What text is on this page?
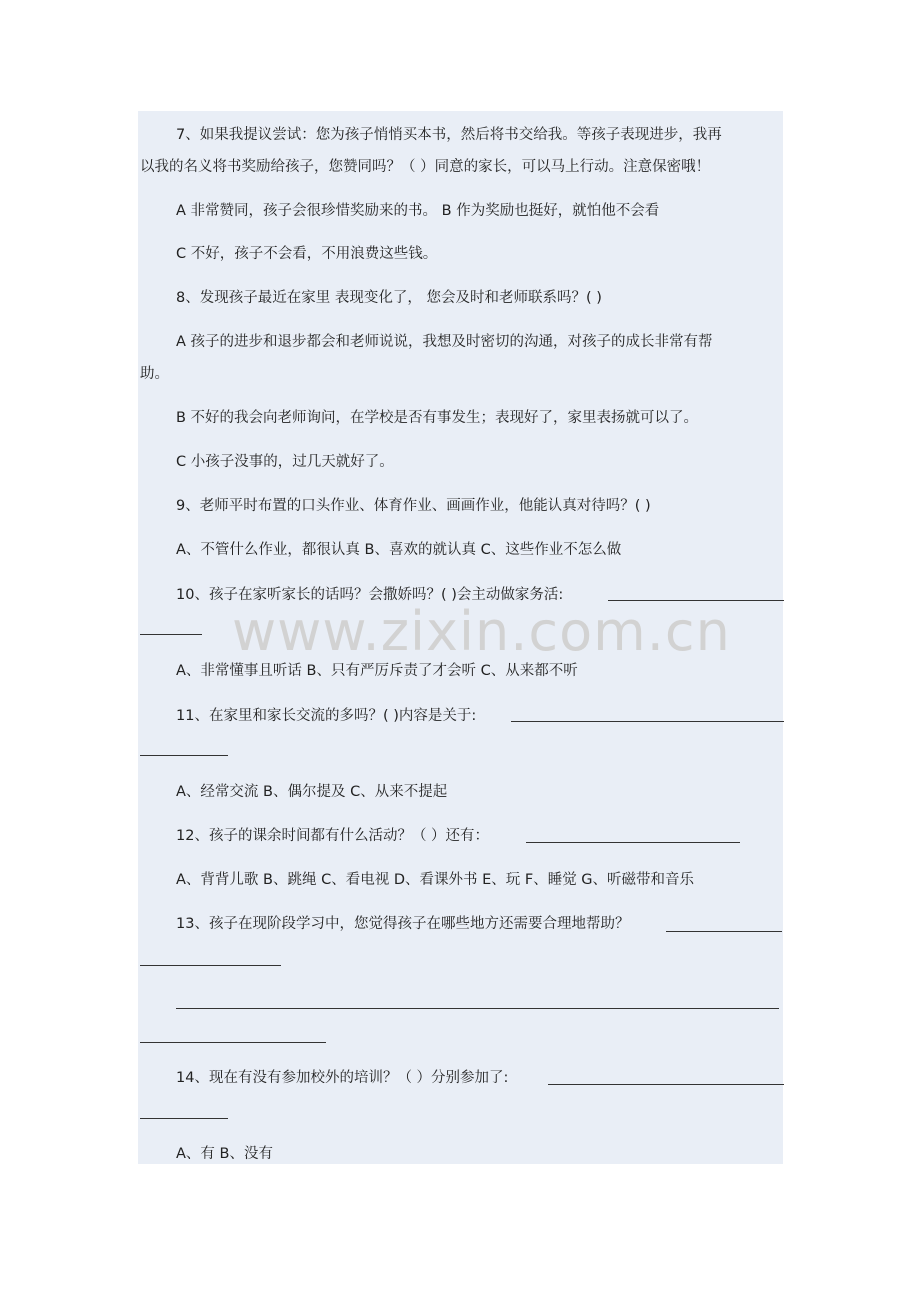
7、如果我提议尝试：您为孩子悄悄买本书，然后将书交给我。等孩子表现进步，我再
以我的名义将书奖励给孩子，您赞同吗？（ ）同意的家长，可以马上行动。注意保密哦！
A 非常赞同，孩子会很珍惜奖励来的书。 B 作为奖励也挺好，就怕他不会看
C 不好，孩子不会看，不用浪费这些钱。
8、发现孩子最近在家里 表现变化了， 您会及时和老师联系吗？( )
A 孩子的进步和退步都会和老师说说，我想及时密切的沟通，对孩子的成长非常有帮
助。
B 不好的我会向老师询问，在学校是否有事发生；表现好了，家里表扬就可以了。
C 小孩子没事的，过几天就好了。
9、老师平时布置的口头作业、体育作业、画画作业，他能认真对待吗？( )
A、不管什么作业，都很认真 B、喜欢的就认真 C、这些作业不怎么做
10、孩子在家听家长的话吗？会撒娇吗？( )会主动做家务活:
A、非常懂事且听话 B、只有严厉斥责了才会听 C、从来都不听
11、在家里和家长交流的多吗？( )内容是关于:
A、经常交流 B、偶尔提及 C、从来不提起
12、孩子的课余时间都有什么活动？（ ）还有：
A、背背儿歌 B、跳绳 C、看电视 D、看课外书 E、玩 F、睡觉 G、听磁带和音乐
13、孩子在现阶段学习中，您觉得孩子在哪些地方还需要合理地帮助？
14、现在有没有参加校外的培训？（ ）分别参加了:
A、有 B、没有
www.zixin.com.cn
